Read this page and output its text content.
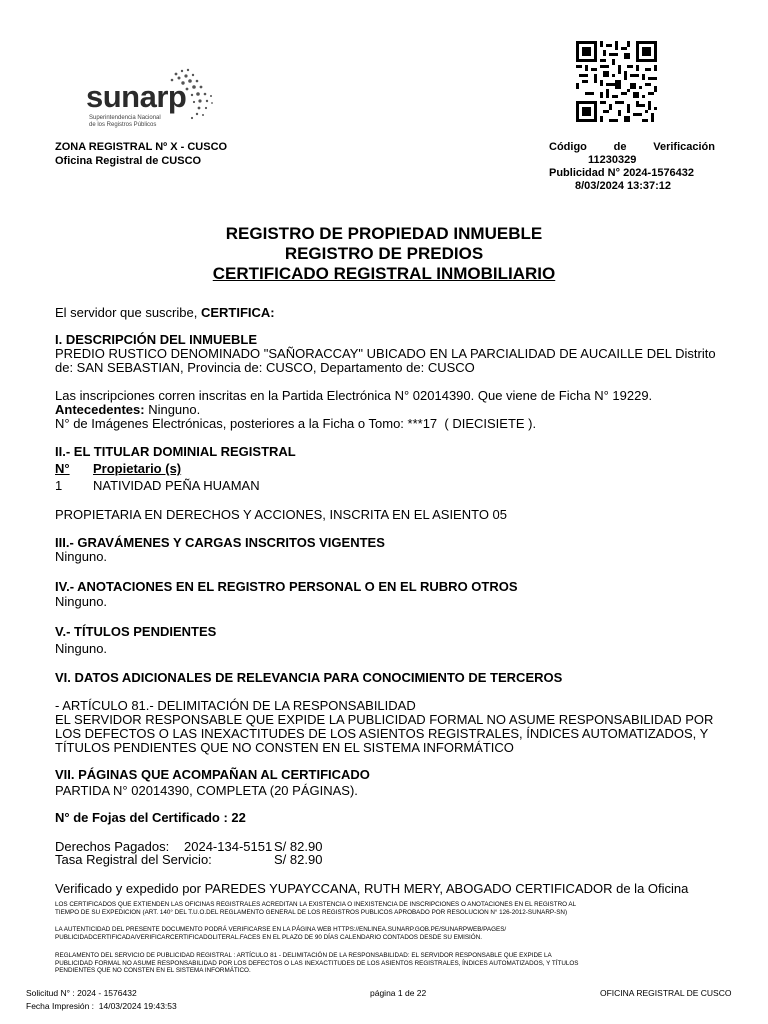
sunarp
Superintendencia Nacional
de los Registros Públicos
ZONA REGISTRAL Nº X - CUSCO
Oficina Registral de CUSCO
Código de Verificación
11230329
Publicidad N° 2024-1576432
8/03/2024 13:37:12
REGISTRO DE PROPIEDAD INMUEBLE
REGISTRO DE PREDIOS
CERTIFICADO REGISTRAL INMOBILIARIO
El servidor que suscribe, CERTIFICA:
I. DESCRIPCIÓN DEL INMUEBLE
PREDIO RUSTICO DENOMINADO "SAÑORACCAY" UBICADO EN LA PARCIALIDAD DE AUCAILLE DEL Distrito
de: SAN SEBASTIAN, Provincia de: CUSCO, Departamento de: CUSCO
Las inscripciones corren inscritas en la Partida Electrónica N° 02014390. Que viene de Ficha N° 19229.
Antecedentes: Ninguno.
N° de Imágenes Electrónicas, posteriores a la Ficha o Tomo: ***17  ( DIECISIETE ).
II.- EL TITULAR DOMINIAL REGISTRAL
N° Propietario (s)
1 NATIVIDAD PEÑA HUAMAN
PROPIETARIA EN DERECHOS Y ACCIONES, INSCRITA EN EL ASIENTO 05
III.- GRAVÁMENES Y CARGAS INSCRITOS VIGENTES
Ninguno.
IV.- ANOTACIONES EN EL REGISTRO PERSONAL O EN EL RUBRO OTROS
Ninguno.
V.- TÍTULOS PENDIENTES
Ninguno.
VI. DATOS ADICIONALES DE RELEVANCIA PARA CONOCIMIENTO DE TERCEROS
- ARTÍCULO 81.- DELIMITACIÓN DE LA RESPONSABILIDAD
EL SERVIDOR RESPONSABLE QUE EXPIDE LA PUBLICIDAD FORMAL NO ASUME RESPONSABILIDAD POR
LOS DEFECTOS O LAS INEXACTITUDES DE LOS ASIENTOS REGISTRALES, ÍNDICES AUTOMATIZADOS, Y
TÍTULOS PENDIENTES QUE NO CONSTEN EN EL SISTEMA INFORMÁTICO
VII. PÁGINAS QUE ACOMPAÑAN AL CERTIFICADO
PARTIDA N° 02014390, COMPLETA (20 PÁGINAS).
N° de Fojas del Certificado : 22
Derechos Pagados: 2024-134-5151 S/ 82.90
Tasa Registral del Servicio:	S/ 82.90
Verificado y expedido por PAREDES YUPAYCCANA, RUTH MERY, ABOGADO CERTIFICADOR de la Oficina
LOS CERTIFICADOS QUE EXTIENDEN LAS OFICINAS REGISTRALES ACREDITAN LA EXISTENCIA O INEXISTENCIA DE INSCRIPCIONES O ANOTACIONES EN EL REGISTRO AL
TIEMPO DE SU EXPEDICION (ART. 140° DEL T.U.O.DEL REGLAMENTO GENERAL DE LOS REGISTROS PUBLICOS APROBADO POR RESOLUCION N° 126-2012-SUNARP-SN)
LA AUTENTICIDAD DEL PRESENTE DOCUMENTO PODRÁ VERIFICARSE EN LA PÁGINA WEB HTTPS://ENLINEA.SUNARP.GOB.PE/SUNARPWEB/PAGES/
PUBLICIDADCERTIFICADA/VERIFICARCERTIFICADOLITERAL.FACES EN EL PLAZO DE 90 DÍAS CALENDARIO CONTADOS DESDE SU EMISIÓN.
REGLAMENTO DEL SERVICIO DE PUBLICIDAD REGISTRAL : ARTÍCULO 81 - DELIMITACIÓN DE LA RESPONSABILIDAD: EL SERVIDOR RESPONSABLE QUE EXPIDE LA
PUBLICIDAD FORMAL NO ASUME RESPONSABILIDAD POR LOS DEFECTOS O LAS INEXACTITUDES DE LOS ASIENTOS REGISTRALES, ÍNDICES AUTOMATIZADOS, Y TÍTULOS
PENDIENTES QUE NO CONSTEN EN EL SISTEMA INFORMÁTICO.
Solicitud N° : 2024 - 1576432
Fecha Impresión :  14/03/2024 19:43:53
página 1 de 22	OFICINA REGISTRAL DE CUSCO
